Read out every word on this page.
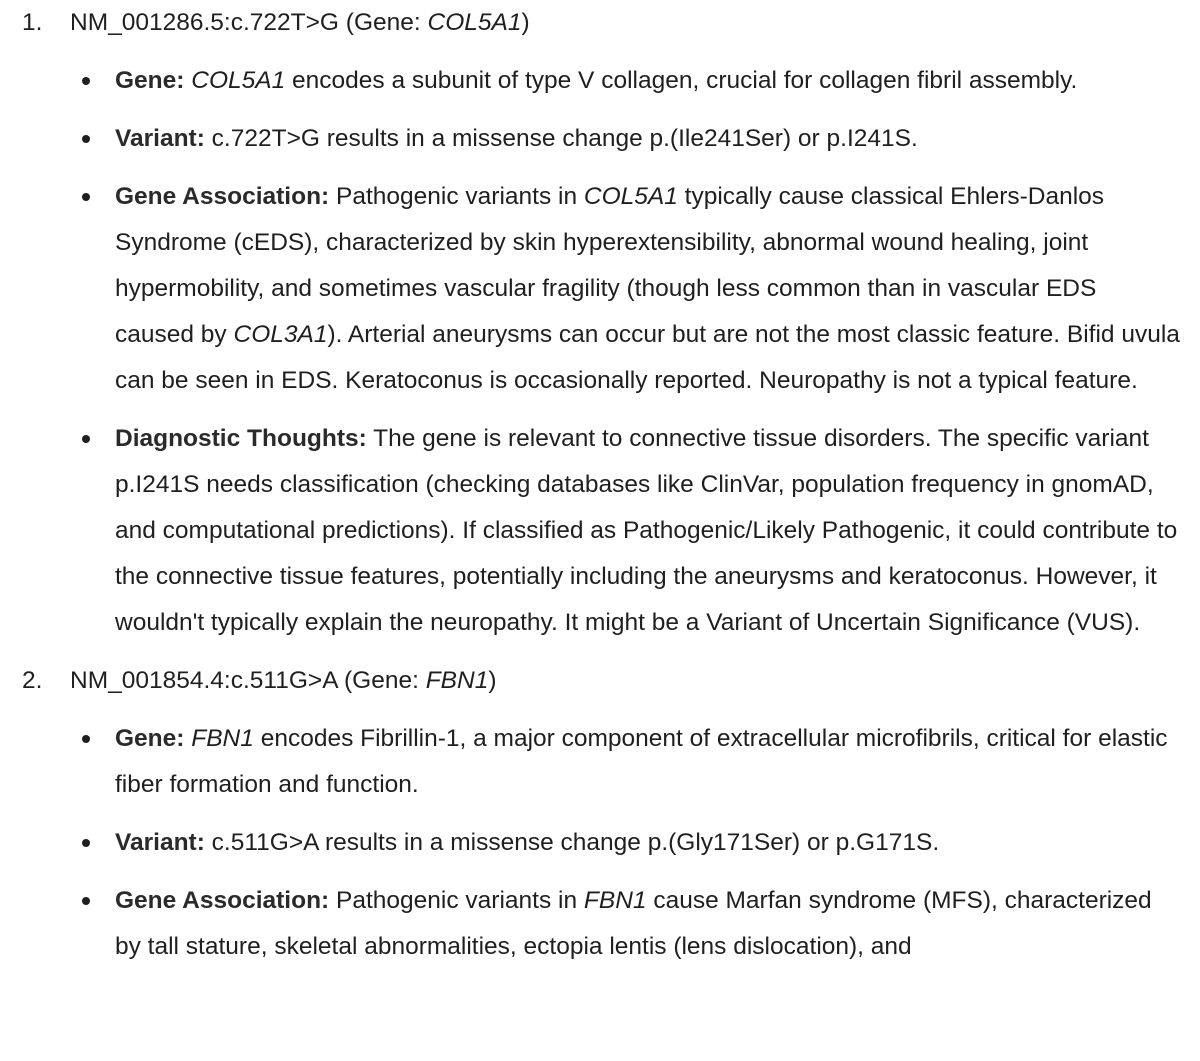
1.	NM_001286.5:c.722T>G (Gene: COL5A1)
Gene: COL5A1 encodes a subunit of type V collagen, crucial for collagen fibril assembly.
Variant: c.722T>G results in a missense change p.(Ile241Ser) or p.I241S.
Gene Association: Pathogenic variants in COL5A1 typically cause classical Ehlers-Danlos Syndrome (cEDS), characterized by skin hyperextensibility, abnormal wound healing, joint hypermobility, and sometimes vascular fragility (though less common than in vascular EDS caused by COL3A1). Arterial aneurysms can occur but are not the most classic feature. Bifid uvula can be seen in EDS. Keratoconus is occasionally reported. Neuropathy is not a typical feature.
Diagnostic Thoughts: The gene is relevant to connective tissue disorders. The specific variant p.I241S needs classification (checking databases like ClinVar, population frequency in gnomAD, and computational predictions). If classified as Pathogenic/Likely Pathogenic, it could contribute to the connective tissue features, potentially including the aneurysms and keratoconus. However, it wouldn't typically explain the neuropathy. It might be a Variant of Uncertain Significance (VUS).
2.	NM_001854.4:c.511G>A (Gene: FBN1)
Gene: FBN1 encodes Fibrillin-1, a major component of extracellular microfibrils, critical for elastic fiber formation and function.
Variant: c.511G>A results in a missense change p.(Gly171Ser) or p.G171S.
Gene Association: Pathogenic variants in FBN1 cause Marfan syndrome (MFS), characterized by tall stature, skeletal abnormalities, ectopia lentis (lens dislocation), and
